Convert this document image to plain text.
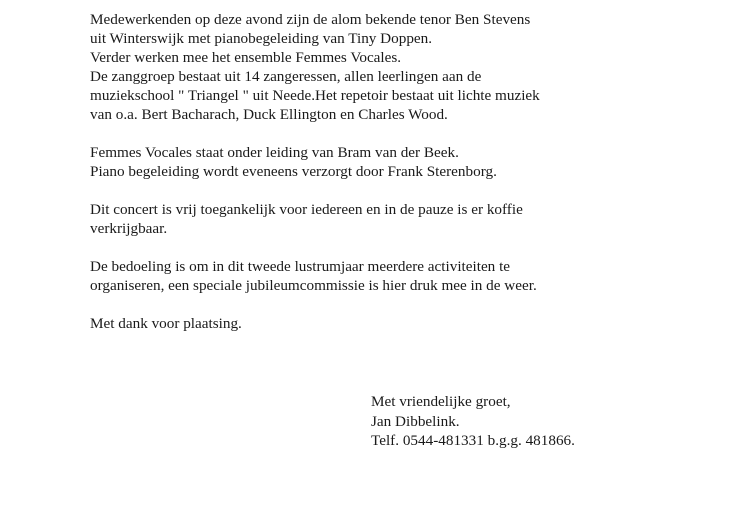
Medewerkenden op deze avond zijn de alom bekende tenor Ben Stevens
uit Winterswijk met pianobegeleiding van Tiny Doppen.
Verder werken mee het ensemble Femmes Vocales.
De zanggroep bestaat uit 14 zangeressen, allen leerlingen aan de
muziekschool " Triangel " uit Neede.Het repetoir bestaat uit lichte muziek
van o.a. Bert Bacharach, Duck Ellington en Charles Wood.

Femmes Vocales staat onder leiding van Bram van der Beek.
Piano begeleiding wordt eveneens verzorgt door Frank Sterenborg.

Dit concert is vrij toegankelijk voor iedereen en in de pauze is er koffie
verkrijgbaar.

De bedoeling is om in dit tweede lustrumjaar meerdere activiteiten te
organiseren, een speciale jubileumcommissie is hier druk mee in de weer.

Met dank voor plaatsing.

Met vriendelijke groet,
Jan Dibbelink.
Telf. 0544-481331 b.g.g. 481866.
